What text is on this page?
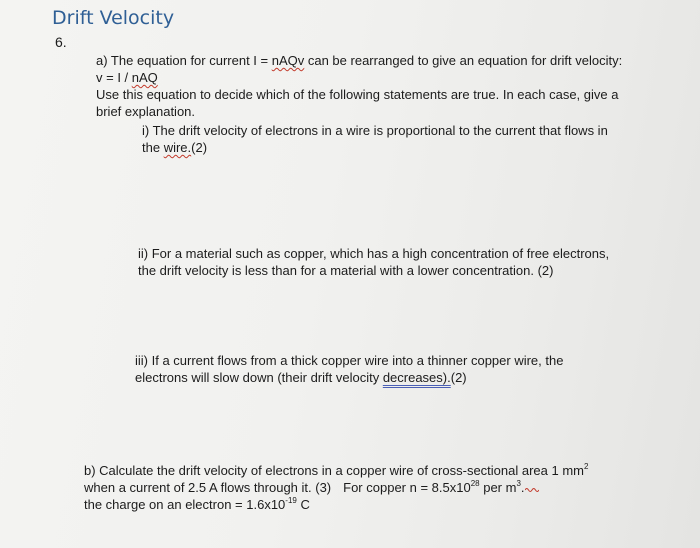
Drift Velocity
6.
a) The equation for current I = nAQv can be rearranged to give an equation for drift velocity:
v = I / nAQ
Use this equation to decide which of the following statements are true. In each case, give a
brief explanation.
i) The drift velocity of electrons in a wire is proportional to the current that flows in
the wire.(2)
ii) For a material such as copper, which has a high concentration of free electrons,
the drift velocity is less than for a material with a lower concentration. (2)
iii) If a current flows from a thick copper wire into a thinner copper wire, the
electrons will slow down (their drift velocity decreases).(2)
b) Calculate the drift velocity of electrons in a copper wire of cross-sectional area 1 $mm^2$
when a current of 2.5 A flows through it. (3) For copper $n = 8.5x10^{28}$ per $m^3$.
the charge on an electron = $1.6x10^{-19}$ C
